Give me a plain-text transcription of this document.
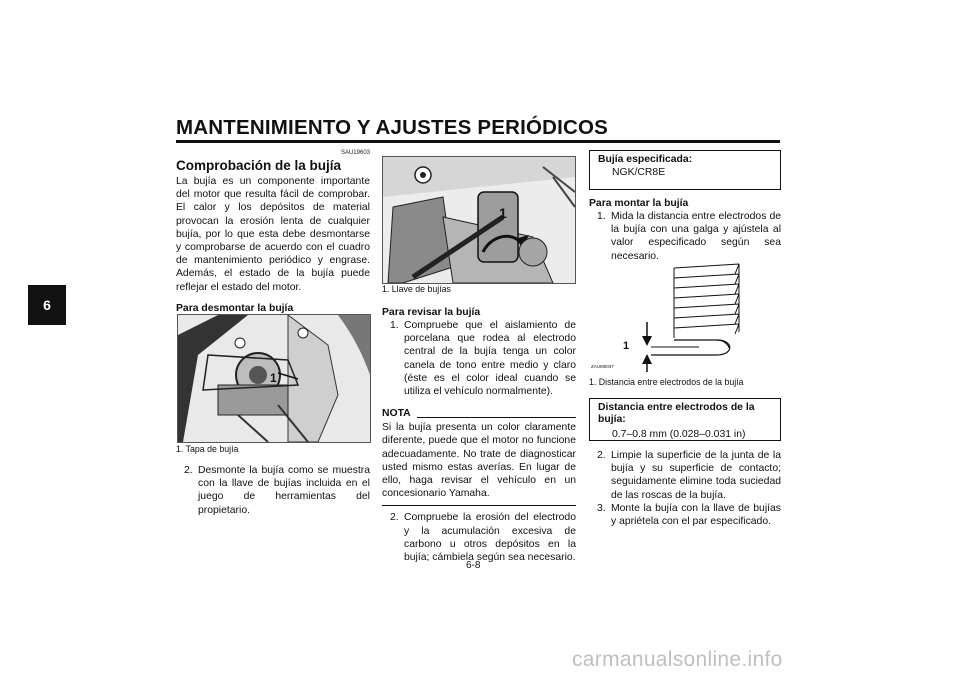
MANTENIMIENTO Y AJUSTES PERIÓDICOS
6
SAU19603
Comprobación de la bujía

La bujía es un componente importante del motor que resulta fácil de comprobar. El calor y los depósitos de material provocan la erosión lenta de cualquier bujía, por lo que esta debe desmontarse y comprobarse de acuerdo con el cuadro de mantenimiento periódico y engrase. Además, el estado de la bujía puede reflejar el estado del motor.

Para desmontar la bujía
1

1. Tapa de bujía

2. Desmonte la bujía como se muestra con la llave de bujías incluida en el juego de herramientas del propietario.
1

1. Llave de bujías

Para revisar la bujía
1. Compruebe que el aislamiento de porcelana que rodea al electrodo central de la bujía tenga un color canela de tono entre medio y claro (éste es el color ideal cuando se utiliza el vehículo normalmente).
NOTA

Si la bujía presenta un color claramente diferente, puede que el motor no funcione adecuadamente. No trate de diagnosticar usted mismo estas averías. En lugar de ello, haga revisar el vehículo en un concesionario Yamaha.

2. Compruebe la erosión del electrodo y la acumulación excesiva de carbono u otros depósitos en la bujía; cámbiela según sea necesario.

Bujía especificada:

NGK/CR8E

Para montar la bujía
1. Mida la distancia entre electrodos de la bujía con una galga y ajústela al valor especificado según sea necesario.
1
ZAUM0037

1. Distancia entre electrodos de la bujía

Distancia entre electrodos de la bujía:

0.7–0.8 mm (0.028–0.031 in)

2. Limpie la superficie de la junta de la bujía y su superficie de contacto; seguidamente elimine toda suciedad de las roscas de la bujía.
3. Monte la bujía con la llave de bujías y apriétela con el par especificado.
6-8
carmanualsonline.info
